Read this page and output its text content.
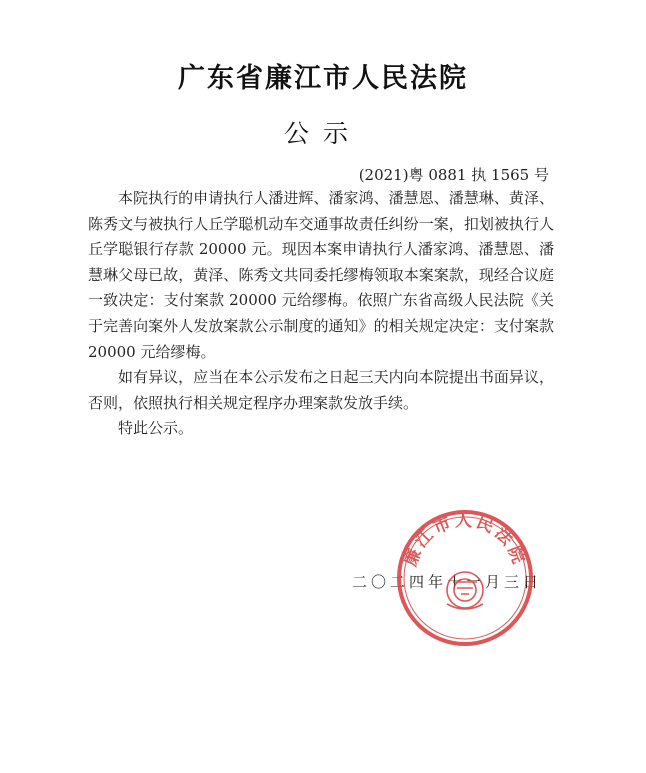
广东省廉江市人民法院
公示
(2021)粤 0881 执 1565 号

本院执行的申请执行人潘进辉、潘家鸿、潘慧恩、潘慧琳、黄泽、陈秀文与被执行人丘学聪机动车交通事故责任纠纷一案，扣划被执行人丘学聪银行存款 20000 元。现因本案申请执行人潘家鸿、潘慧恩、潘慧琳父母已故，黄泽、陈秀文共同委托缪梅领取本案案款，现经合议庭一致决定：支付案款 20000 元给缪梅。依照广东省高级人民法院《关于完善向案外人发放案款公示制度的通知》的相关规定决定：支付案款 20000 元给缪梅。

如有异议，应当在本公示发布之日起三天内向本院提出书面异议，否则，依照执行相关规定程序办理案款发放手续。

特此公示。

二〇二四年十一月三日
廉江市人民法院
